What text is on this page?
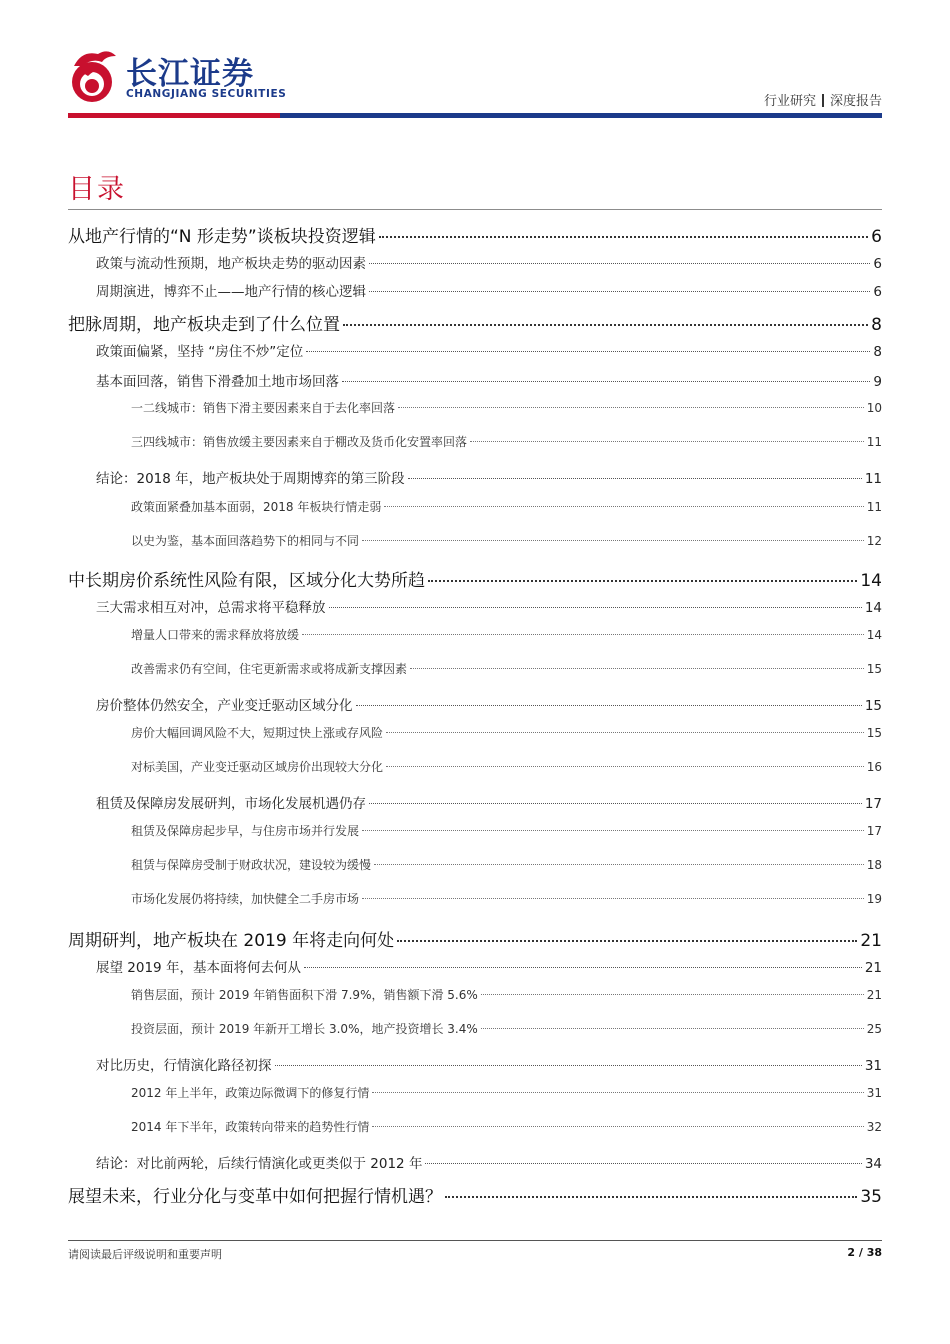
长江证券
CHANGJIANG SECURITIES	行业研究 深度报告
目录
从地产行情的“N 形走势”谈板块投资逻辑	6
政策与流动性预期，地产板块走势的驱动因素	6
周期演进，博弈不止——地产行情的核心逻辑	6
把脉周期，地产板块走到了什么位置	8
政策面偏紧，坚持 “房住不炒”定位	8
基本面回落，销售下滑叠加土地市场回落	9
一二线城市：销售下滑主要因素来自于去化率回落	10
三四线城市：销售放缓主要因素来自于棚改及货币化安置率回落	11
结论：2018 年，地产板块处于周期博弈的第三阶段	11
政策面紧叠加基本面弱，2018 年板块行情走弱	11
以史为鉴，基本面回落趋势下的相同与不同	12
中长期房价系统性风险有限，区域分化大势所趋	14
三大需求相互对冲，总需求将平稳释放	14
增量人口带来的需求释放将放缓	14
改善需求仍有空间，住宅更新需求或将成新支撑因素	15
房价整体仍然安全，产业变迁驱动区域分化	15
房价大幅回调风险不大，短期过快上涨或存风险	15
对标美国，产业变迁驱动区域房价出现较大分化	16
租赁及保障房发展研判，市场化发展机遇仍存	17
租赁及保障房起步早，与住房市场并行发展	17
租赁与保障房受制于财政状况，建设较为缓慢	18
市场化发展仍将持续，加快健全二手房市场	19
周期研判，地产板块在 2019 年将走向何处	21
展望 2019 年，基本面将何去何从	21
销售层面，预计 2019 年销售面积下滑 7.9%，销售额下滑 5.6%	21
投资层面，预计 2019 年新开工增长 3.0%，地产投资增长 3.4%	25
对比历史，行情演化路径初探	31
2012 年上半年，政策边际微调下的修复行情	31
2014 年下半年，政策转向带来的趋势性行情	32
结论：对比前两轮，后续行情演化或更类似于 2012 年	34
展望未来，行业分化与变革中如何把握行情机遇？	35
请阅读最后评级说明和重要声明	2 / 38
